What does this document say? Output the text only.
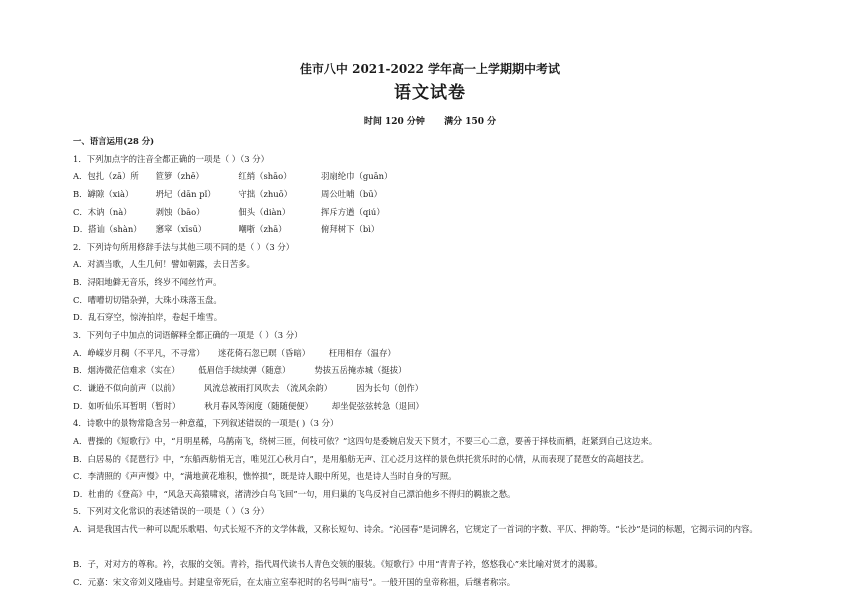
佳市八中 2021-2022 学年高一上学期期中考试
语文试卷
时间 120 分钟 满分 150 分
一、语言运用(28 分)
1．下列加点字的注音全都正确的一项是（ ）（3 分）
A．包扎（zā）所 笸箩（zhē）	红绡（shāo）	羽扇纶巾（guān）
B．罅隙（xià）	坍圮（dān pǐ）	守拙（zhuō）	周公吐哺（bū）
C．木讷（nà）	剥蚀（bāo）	佃头（diàn）	挥斥方遒（qiú）
D．搭讪（shàn） 窸窣（xīsū）	嘲哳（zhā）	俯拜树下（bì）
2．下列诗句所用修辞手法与其他三项不同的是（ ）（3 分）
A．对酒当歌，人生几何！譬如朝露，去日苦多。
B．浔阳地僻无音乐，终岁不闻丝竹声。
C．嘈嘈切切错杂弹，大珠小珠落玉盘。
D．乱石穿空，惊涛拍岸，卷起千堆雪。
3．下列句子中加点的词语解释全都正确的一项是（ ）（3 分）
A．峥嵘岁月稠（不平凡，不寻常） 迷花倚石忽已暝（昏暗） 枉用相存（温存）
B．烟涛微茫信难求（实在） 低眉信手续续弹（随意）	势拔五岳掩赤城（挺拔）
C．谦逊不似向前声（以前）	风流总被雨打风吹去 （流风余韵）	因为长句（创作）
D．如听仙乐耳暂明（暂时）	秋月春风等闲度（随随便便） 却坐促弦弦转急（退回）
4．诗歌中的景物常隐含另一种意蕴，下列叙述错误的一项是( )（3 分）
A．曹操的《短歌行》中，“月明星稀，乌鹊南飞，绕树三匝，何枝可依？”这四句是委婉启发天下贤才，不要三心二意，要善于择枝而栖，赶紧到自己这边来。
B．白居易的《琵琶行》中，“东船西舫悄无言，唯见江心秋月白”，是用船舫无声、江心泛月这样的景色烘托赏乐时的心情，从而表现了琵琶女的高超技艺。
C．李清照的《声声慢》中，“满地黄花堆积，憔悴损”，既是诗人眼中所见，也是诗人当时自身的写照。
D．杜甫的《登高》中，“风急天高猿啸哀，渚清沙白鸟飞回”一句，用归巢的飞鸟反衬自己漂泊他乡不得归的羁旅之愁。
5．下列对文化常识的表述错误的一项是（ ）（3 分）
A．词是我国古代一种可以配乐歌唱、句式长短不齐的文学体裁，又称长短句、诗余。“沁园春”是词牌名，它规定了一首词的字数、平仄、押韵等。“长沙”是词的标题，它揭示词的内容。
B．子，对对方的尊称。衿，衣服的交领。青衿，指代周代读书人青色交领的服装。《短歌行》中用“青青子衿，悠悠我心”来比喻对贤才的渴慕。
C．元嘉：宋文帝刘义隆庙号。封建皇帝死后，在太庙立室奉祀时的名号叫“庙号”。一般开国的皇帝称祖，后继者称宗。
